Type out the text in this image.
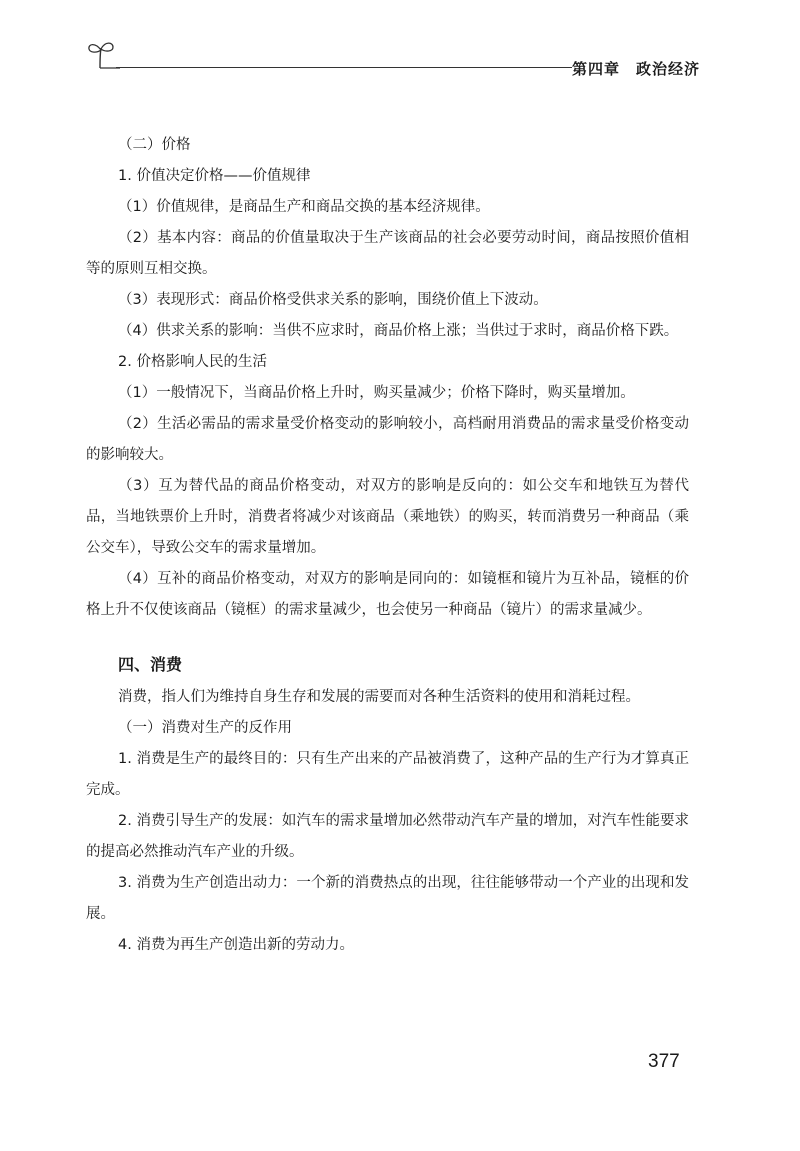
第四章　政治经济

（二）价格

1. 价值决定价格——价值规律

（1）价值规律，是商品生产和商品交换的基本经济规律。

（2）基本内容：商品的价值量取决于生产该商品的社会必要劳动时间，商品按照价值相等的原则互相交换。

（3）表现形式：商品价格受供求关系的影响，围绕价值上下波动。

（4）供求关系的影响：当供不应求时，商品价格上涨；当供过于求时，商品价格下跌。

2. 价格影响人民的生活

（1）一般情况下，当商品价格上升时，购买量减少；价格下降时，购买量增加。

（2）生活必需品的需求量受价格变动的影响较小，高档耐用消费品的需求量受价格变动的影响较大。

（3）互为替代品的商品价格变动，对双方的影响是反向的：如公交车和地铁互为替代品，当地铁票价上升时，消费者将减少对该商品（乘地铁）的购买，转而消费另一种商品（乘公交车），导致公交车的需求量增加。

（4）互补的商品价格变动，对双方的影响是同向的：如镜框和镜片为互补品，镜框的价格上升不仅使该商品（镜框）的需求量减少，也会使另一种商品（镜片）的需求量减少。

四、消费

消费，指人们为维持自身生存和发展的需要而对各种生活资料的使用和消耗过程。

（一）消费对生产的反作用

1. 消费是生产的最终目的：只有生产出来的产品被消费了，这种产品的生产行为才算真正完成。

2. 消费引导生产的发展：如汽车的需求量增加必然带动汽车产量的增加，对汽车性能要求的提高必然推动汽车产业的升级。

3. 消费为生产创造出动力：一个新的消费热点的出现，往往能够带动一个产业的出现和发展。

4. 消费为再生产创造出新的劳动力。

377
